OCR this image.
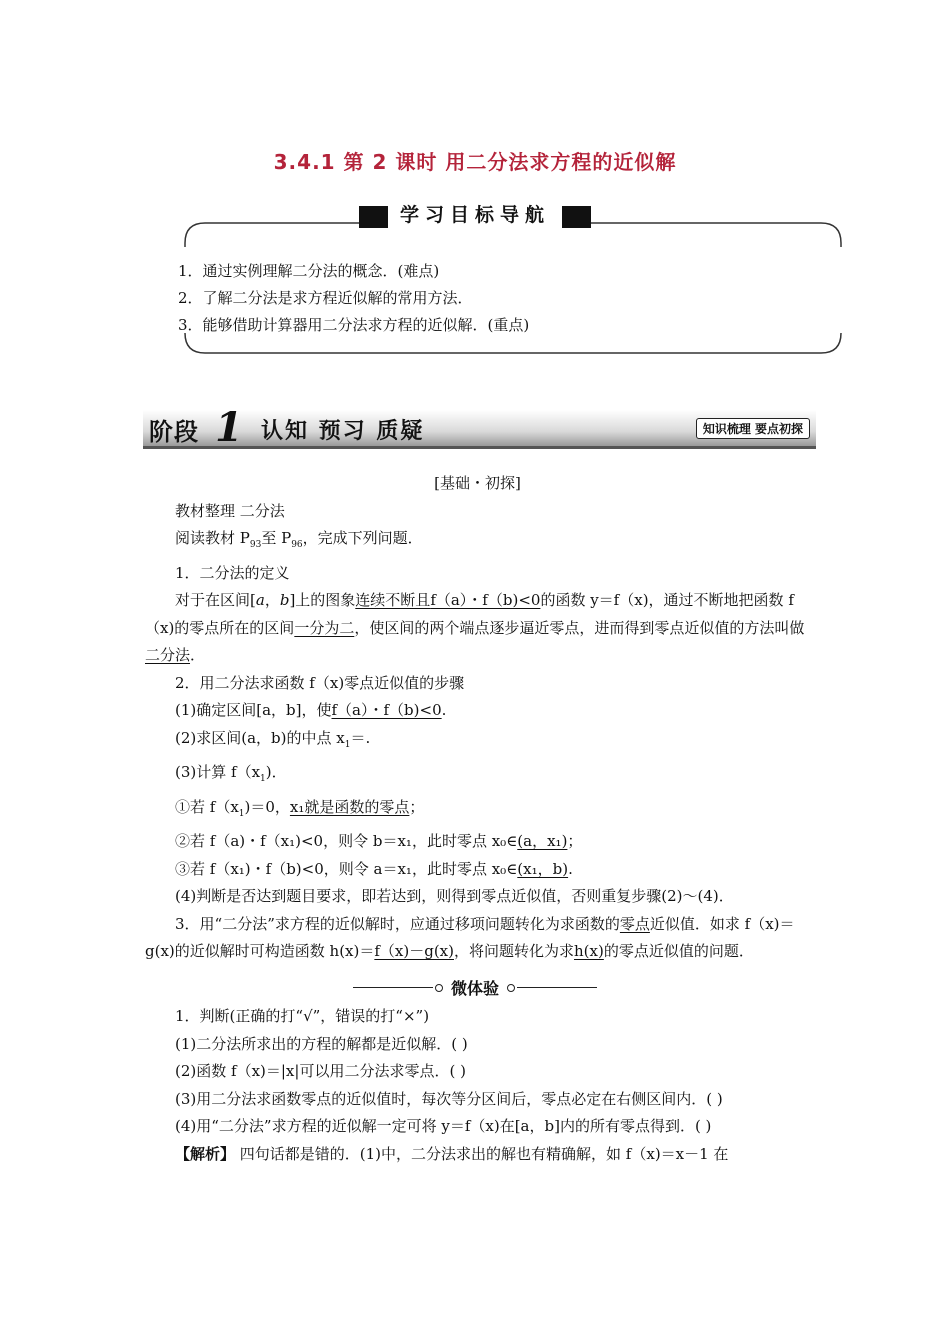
3.4.1 第 2 课时 用二分法求方程的近似解
学习目标导航
1．通过实例理解二分法的概念．(难点)
2．了解二分法是求方程近似解的常用方法．
3．能够借助计算器用二分法求方程的近似解．(重点)
阶段 1 认知 预习 质疑	知识梳理 要点初探

[基础・初探]

教材整理 二分法

阅读教材 $P_{93}$至 $P_{96}$，完成下列问题．

1．二分法的定义

对于在区间[a，b]上的图象连续不断且f（a）・f（b)<0的函数 y＝f（x)，通过不断地把函数 f（x)的零点所在的区间一分为二，使区间的两个端点逐步逼近零点，进而得到零点近似值的方法叫做二分法．

2．用二分法求函数 f（x)零点近似值的步骤

(1)确定区间[a，b]，使f（a）・f（b)<0.

(2)求区间(a，b)的中点 $x_1=$.

(3)计算 $f(x_1)$．

①若 $f(x_1)=0$，x₁就是函数的零点；

②若 f（a)・f（x₁)<0，则令 b＝x₁，此时零点 x₀∈(a，x₁)；

③若 f（x₁)・f（b)<0，则令 a＝x₁，此时零点 x₀∈(x₁，b).

(4)判断是否达到题目要求，即若达到，则得到零点近似值，否则重复步骤(2)～(4)．

3．用“二分法”求方程的近似解时，应通过移项问题转化为求函数的零点近似值．如求 f（x)＝g(x)的近似解时可构造函数 h(x)＝f（x)－g(x)，将问题转化为求h(x)的零点近似值的问题．

微体验

1．判断(正确的打“√”，错误的打“×”)

(1)二分法所求出的方程的解都是近似解．( )

(2)函数 f（x)＝|x|可以用二分法求零点．( )

(3)用二分法求函数零点的近似值时，每次等分区间后，零点必定在右侧区间内．( )

(4)用“二分法”求方程的近似解一定可将 y＝f（x)在[a，b]内的所有零点得到．( )

【解析】 四句话都是错的．(1)中，二分法求出的解也有精确解，如 f（x)＝x－1 在
